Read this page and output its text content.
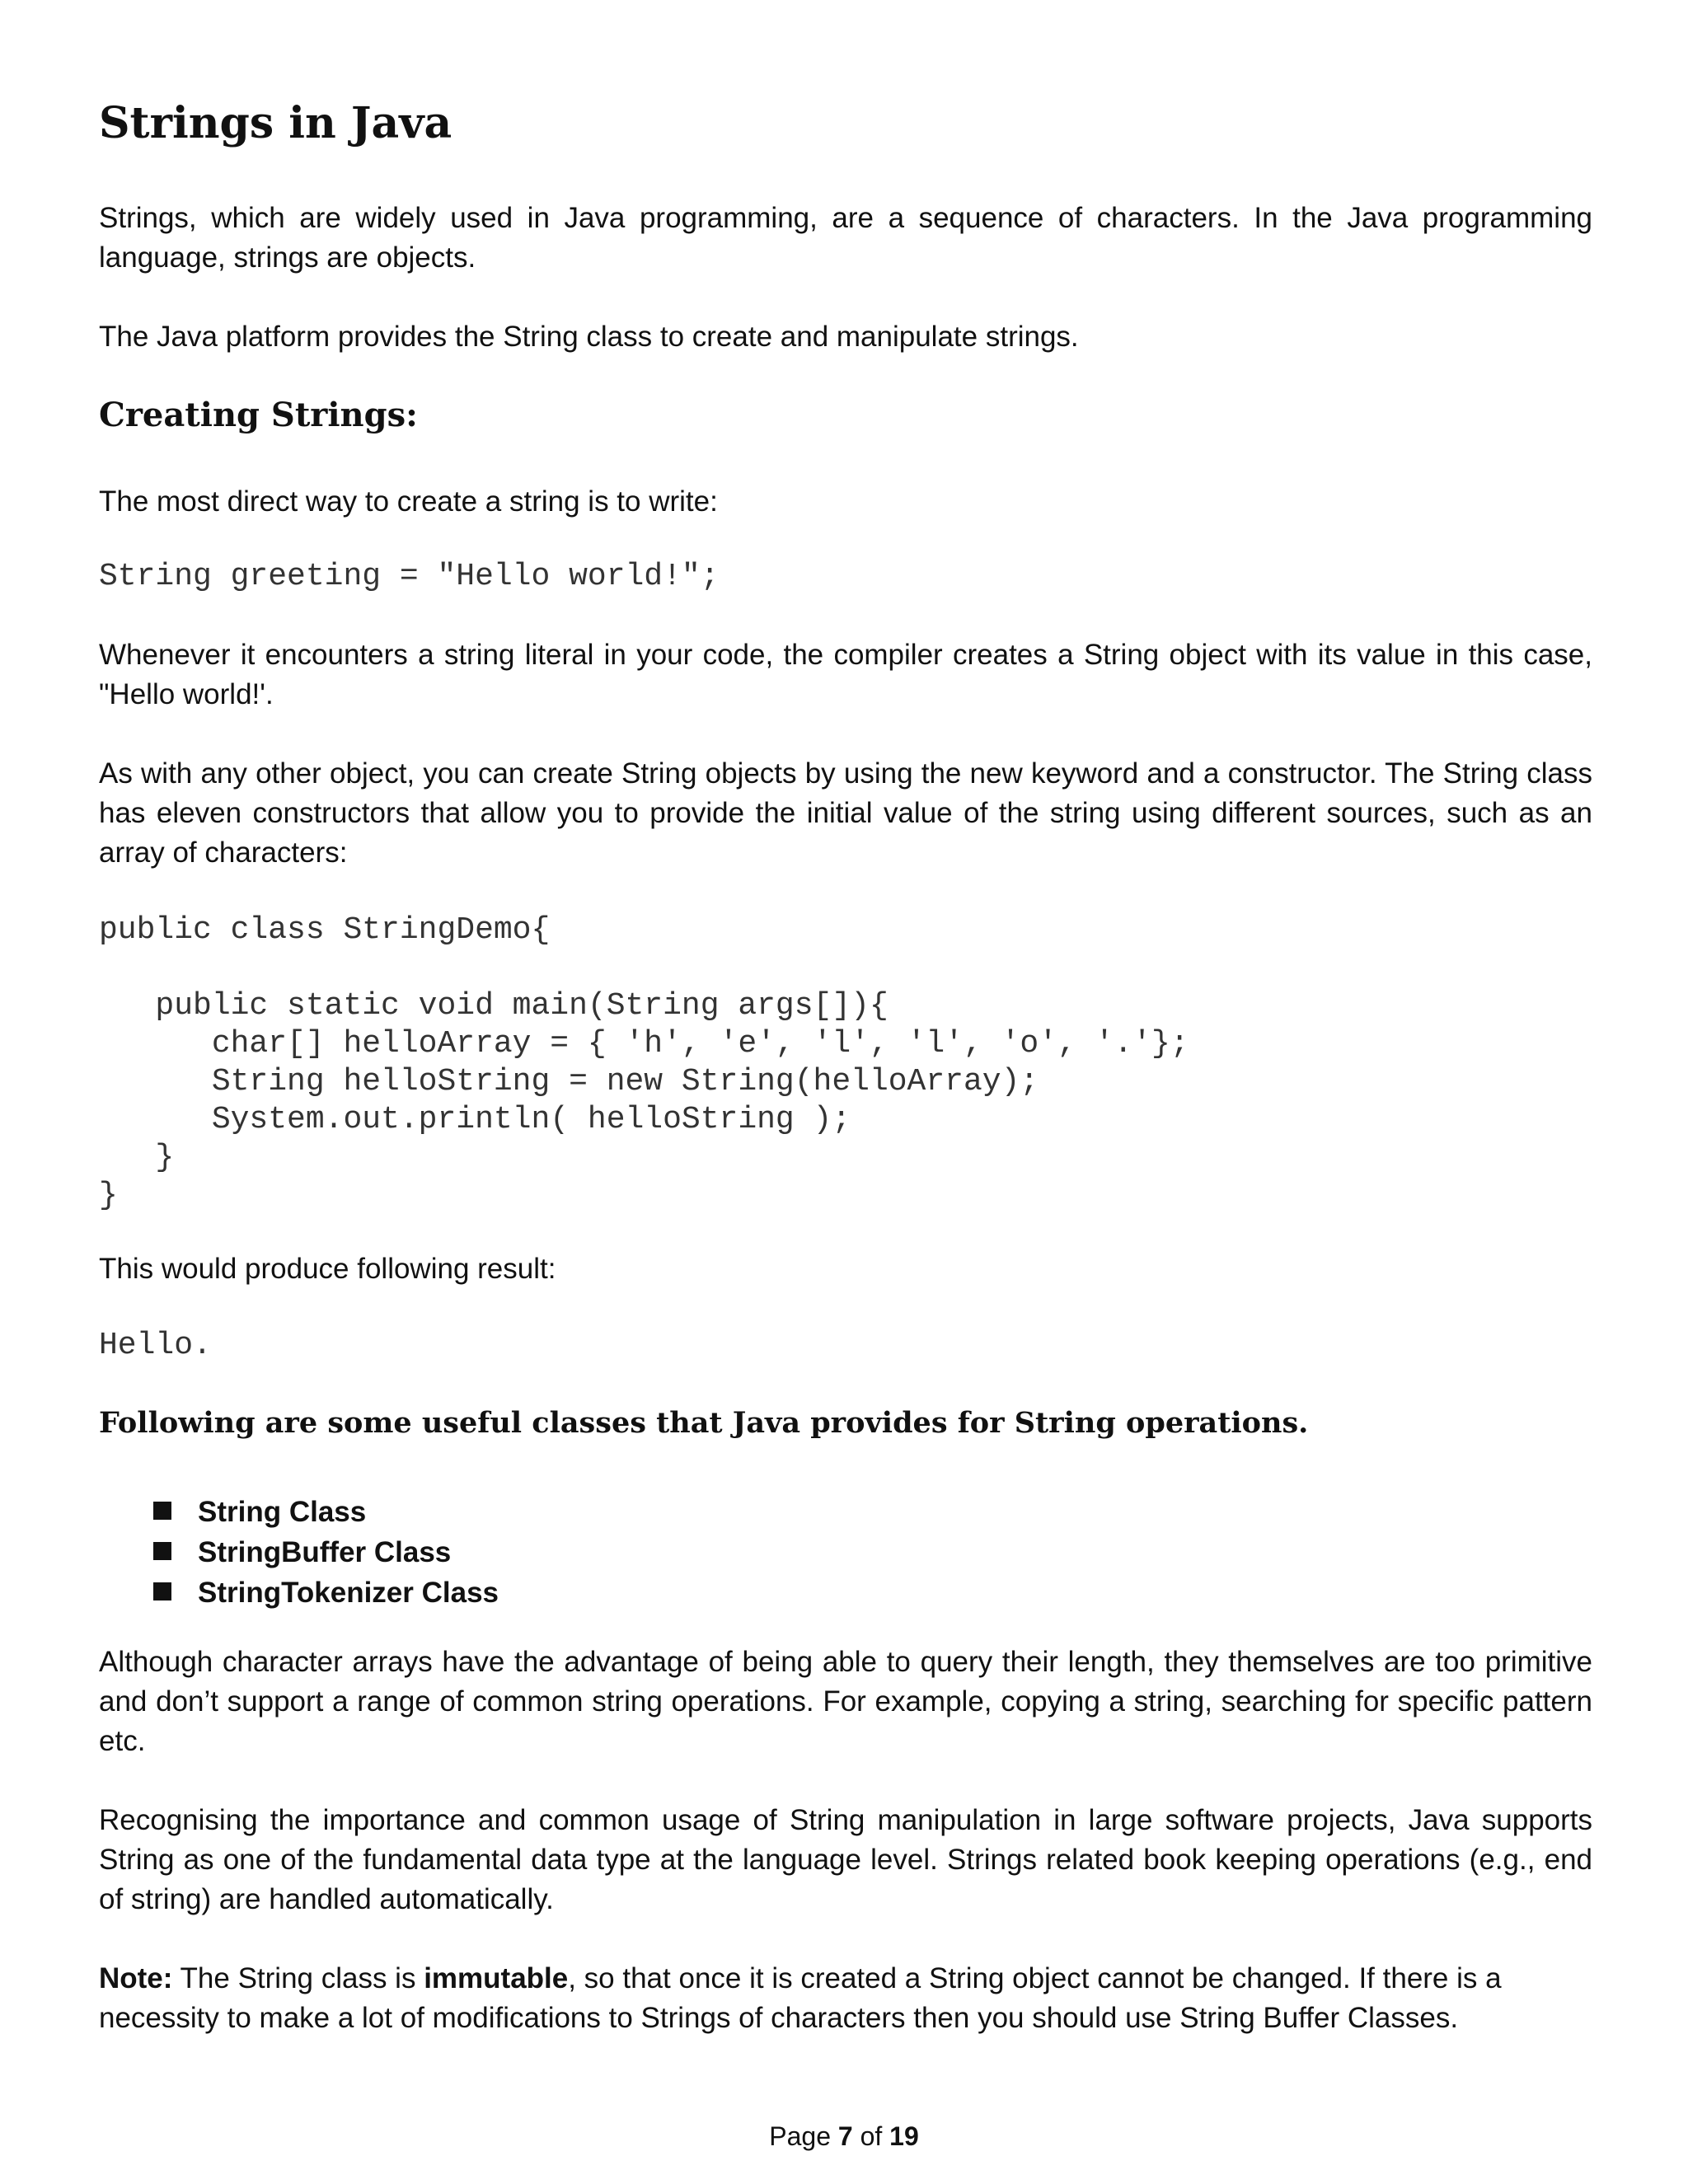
Strings in Java
Strings, which are widely used in Java programming, are a sequence of characters. In the Java programming language, strings are objects.
The Java platform provides the String class to create and manipulate strings.
Creating Strings:
The most direct way to create a string is to write:
String greeting = "Hello world!";
Whenever it encounters a string literal in your code, the compiler creates a String object with its value in this case, "Hello world!'.
As with any other object, you can create String objects by using the new keyword and a constructor. The String class has eleven constructors that allow you to provide the initial value of the string using different sources, such as an array of characters:
public class StringDemo{

public static void main(String args[]){
char[] helloArray = { 'h', 'e', 'l', 'l', 'o', '.'};
String helloString = new String(helloArray);
System.out.println( helloString );
}
}
This would produce following result:
Hello.
Following are some useful classes that Java provides for String operations.
String Class
StringBuffer Class
StringTokenizer Class
Although character arrays have the advantage of being able to query their length, they themselves are too primitive and don’t support a range of common string operations. For example, copying a string, searching for specific pattern etc.
Recognising the importance and common usage of String manipulation in large software projects, Java supports String as one of the fundamental data type at the language level. Strings related book keeping operations (e.g., end of string) are handled automatically.
Note: The String class is immutable, so that once it is created a String object cannot be changed. If there is a necessity to make a lot of modifications to Strings of characters then you should use String Buffer Classes.
Page 7 of 19
